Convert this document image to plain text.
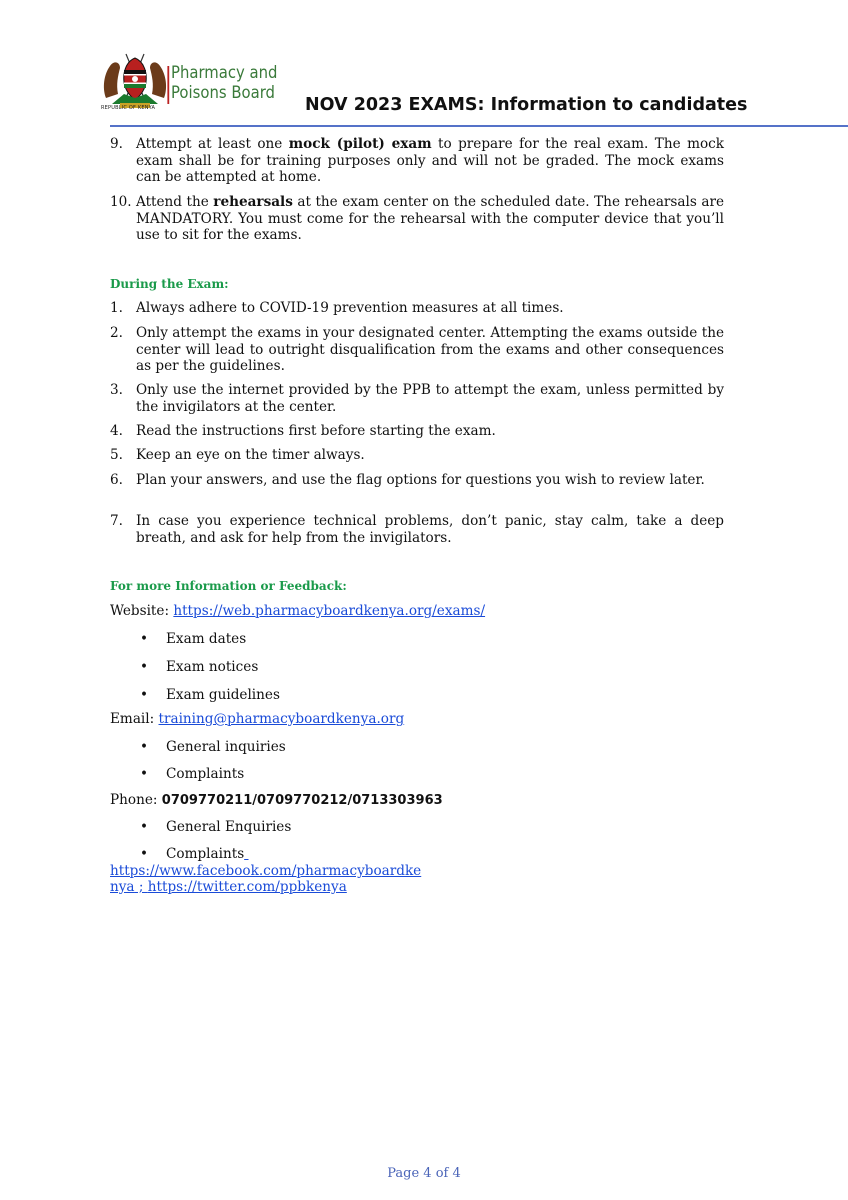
Pharmacy and
Poisons Board
REPUBLIC OF KENYA	NOV 2023 EXAMS: Information to candidates
9. Attempt at least one mock (pilot) exam to prepare for the real exam. The mock exam shall be for training purposes only and will not be graded. The mock exams can be attempted at home.
10. Attend the rehearsals at the exam center on the scheduled date. The rehearsals are MANDATORY. You must come for the rehearsal with the computer device that you’ll use to sit for the exams.
During the Exam:
1. Always adhere to COVID-19 prevention measures at all times.
2. Only attempt the exams in your designated center. Attempting the exams outside the center will lead to outright disqualification from the exams and other consequences as per the guidelines.
3. Only use the internet provided by the PPB to attempt the exam, unless permitted by the invigilators at the center.
4. Read the instructions first before starting the exam.
5. Keep an eye on the timer always.
6. Plan your answers, and use the flag options for questions you wish to review later.
7. In case you experience technical problems, don’t panic, stay calm, take a deep breath, and ask for help from the invigilators.
For more Information or Feedback:
Website: https://web.pharmacyboardkenya.org/exams/
• Exam dates
• Exam notices
• Exam guidelines
Email: training@pharmacyboardkenya.org
• General inquiries
• Complaints
Phone: 0709770211/0709770212/0713303963
• General Enquiries
• Complaints
https://www.facebook.com/pharmacyboardke
nya ; https://twitter.com/ppbkenya
Page 4 of 4
